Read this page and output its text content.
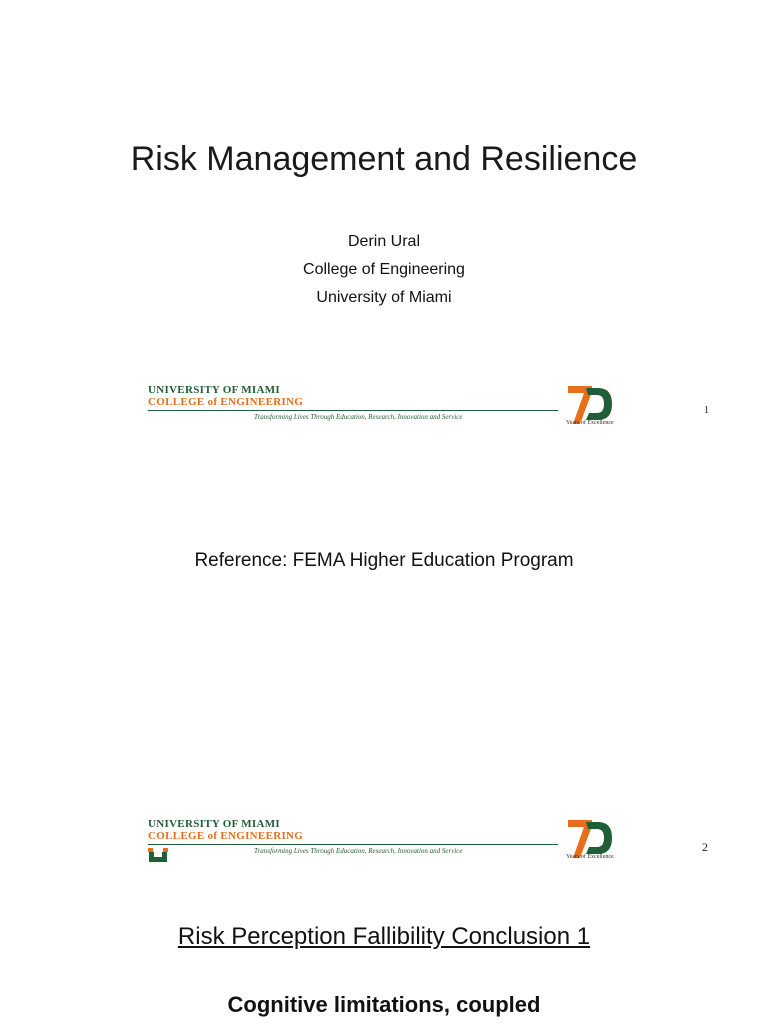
Risk Management and Resilience
Derin Ural
College of Engineering
University of Miami
UNIVERSITY OF MIAMI
COLLEGE of ENGINEERING
Transforming Lives Through Education, Research, Innovation and Service
Years of Excellence
1
Reference: FEMA Higher Education Program
UNIVERSITY OF MIAMI
COLLEGE of ENGINEERING
Transforming Lives Through Education, Research, Innovation and Service
Years of Excellence
2
Risk Perception Fallibility Conclusion 1
Cognitive limitations, coupled
